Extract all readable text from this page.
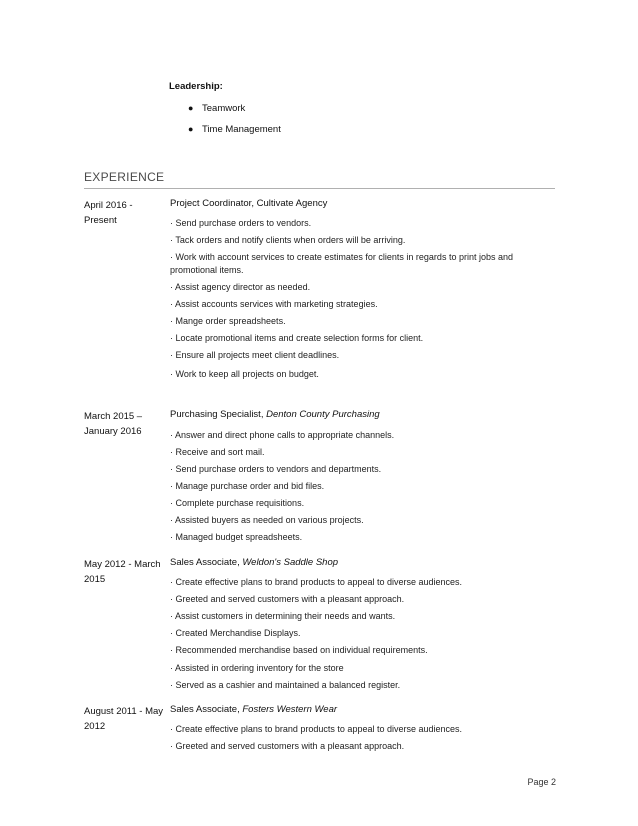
Leadership:
● Teamwork
● Time Management
EXPERIENCE
April 2016 - Present
Project Coordinator, Cultivate Agency
· Send purchase orders to vendors.
· Tack orders and notify clients when orders will be arriving.
· Work with account services to create estimates for clients in regards to print jobs and promotional items.
· Assist agency director as needed.
· Assist accounts services with marketing strategies.
· Mange order spreadsheets.
· Locate promotional items and create selection forms for client.
· Ensure all projects meet client deadlines.
· Work to keep all projects on budget.
March 2015 – January 2016
Purchasing Specialist, Denton County Purchasing
· Answer and direct phone calls to appropriate channels.
· Receive and sort mail.
· Send purchase orders to vendors and departments.
· Manage purchase order and bid files.
· Complete purchase requisitions.
· Assisted buyers as needed on various projects.
· Managed budget spreadsheets.
May 2012 - March 2015
Sales Associate, Weldon's Saddle Shop
· Create effective plans to brand products to appeal to diverse audiences.
· Greeted and served customers with a pleasant approach.
· Assist customers in determining their needs and wants.
· Created Merchandise Displays.
· Recommended merchandise based on individual requirements.
· Assisted in ordering inventory for the store
· Served as a cashier and maintained a balanced register.
August 2011 - May 2012
Sales Associate, Fosters Western Wear
· Create effective plans to brand products to appeal to diverse audiences.
· Greeted and served customers with a pleasant approach.
Page 2
